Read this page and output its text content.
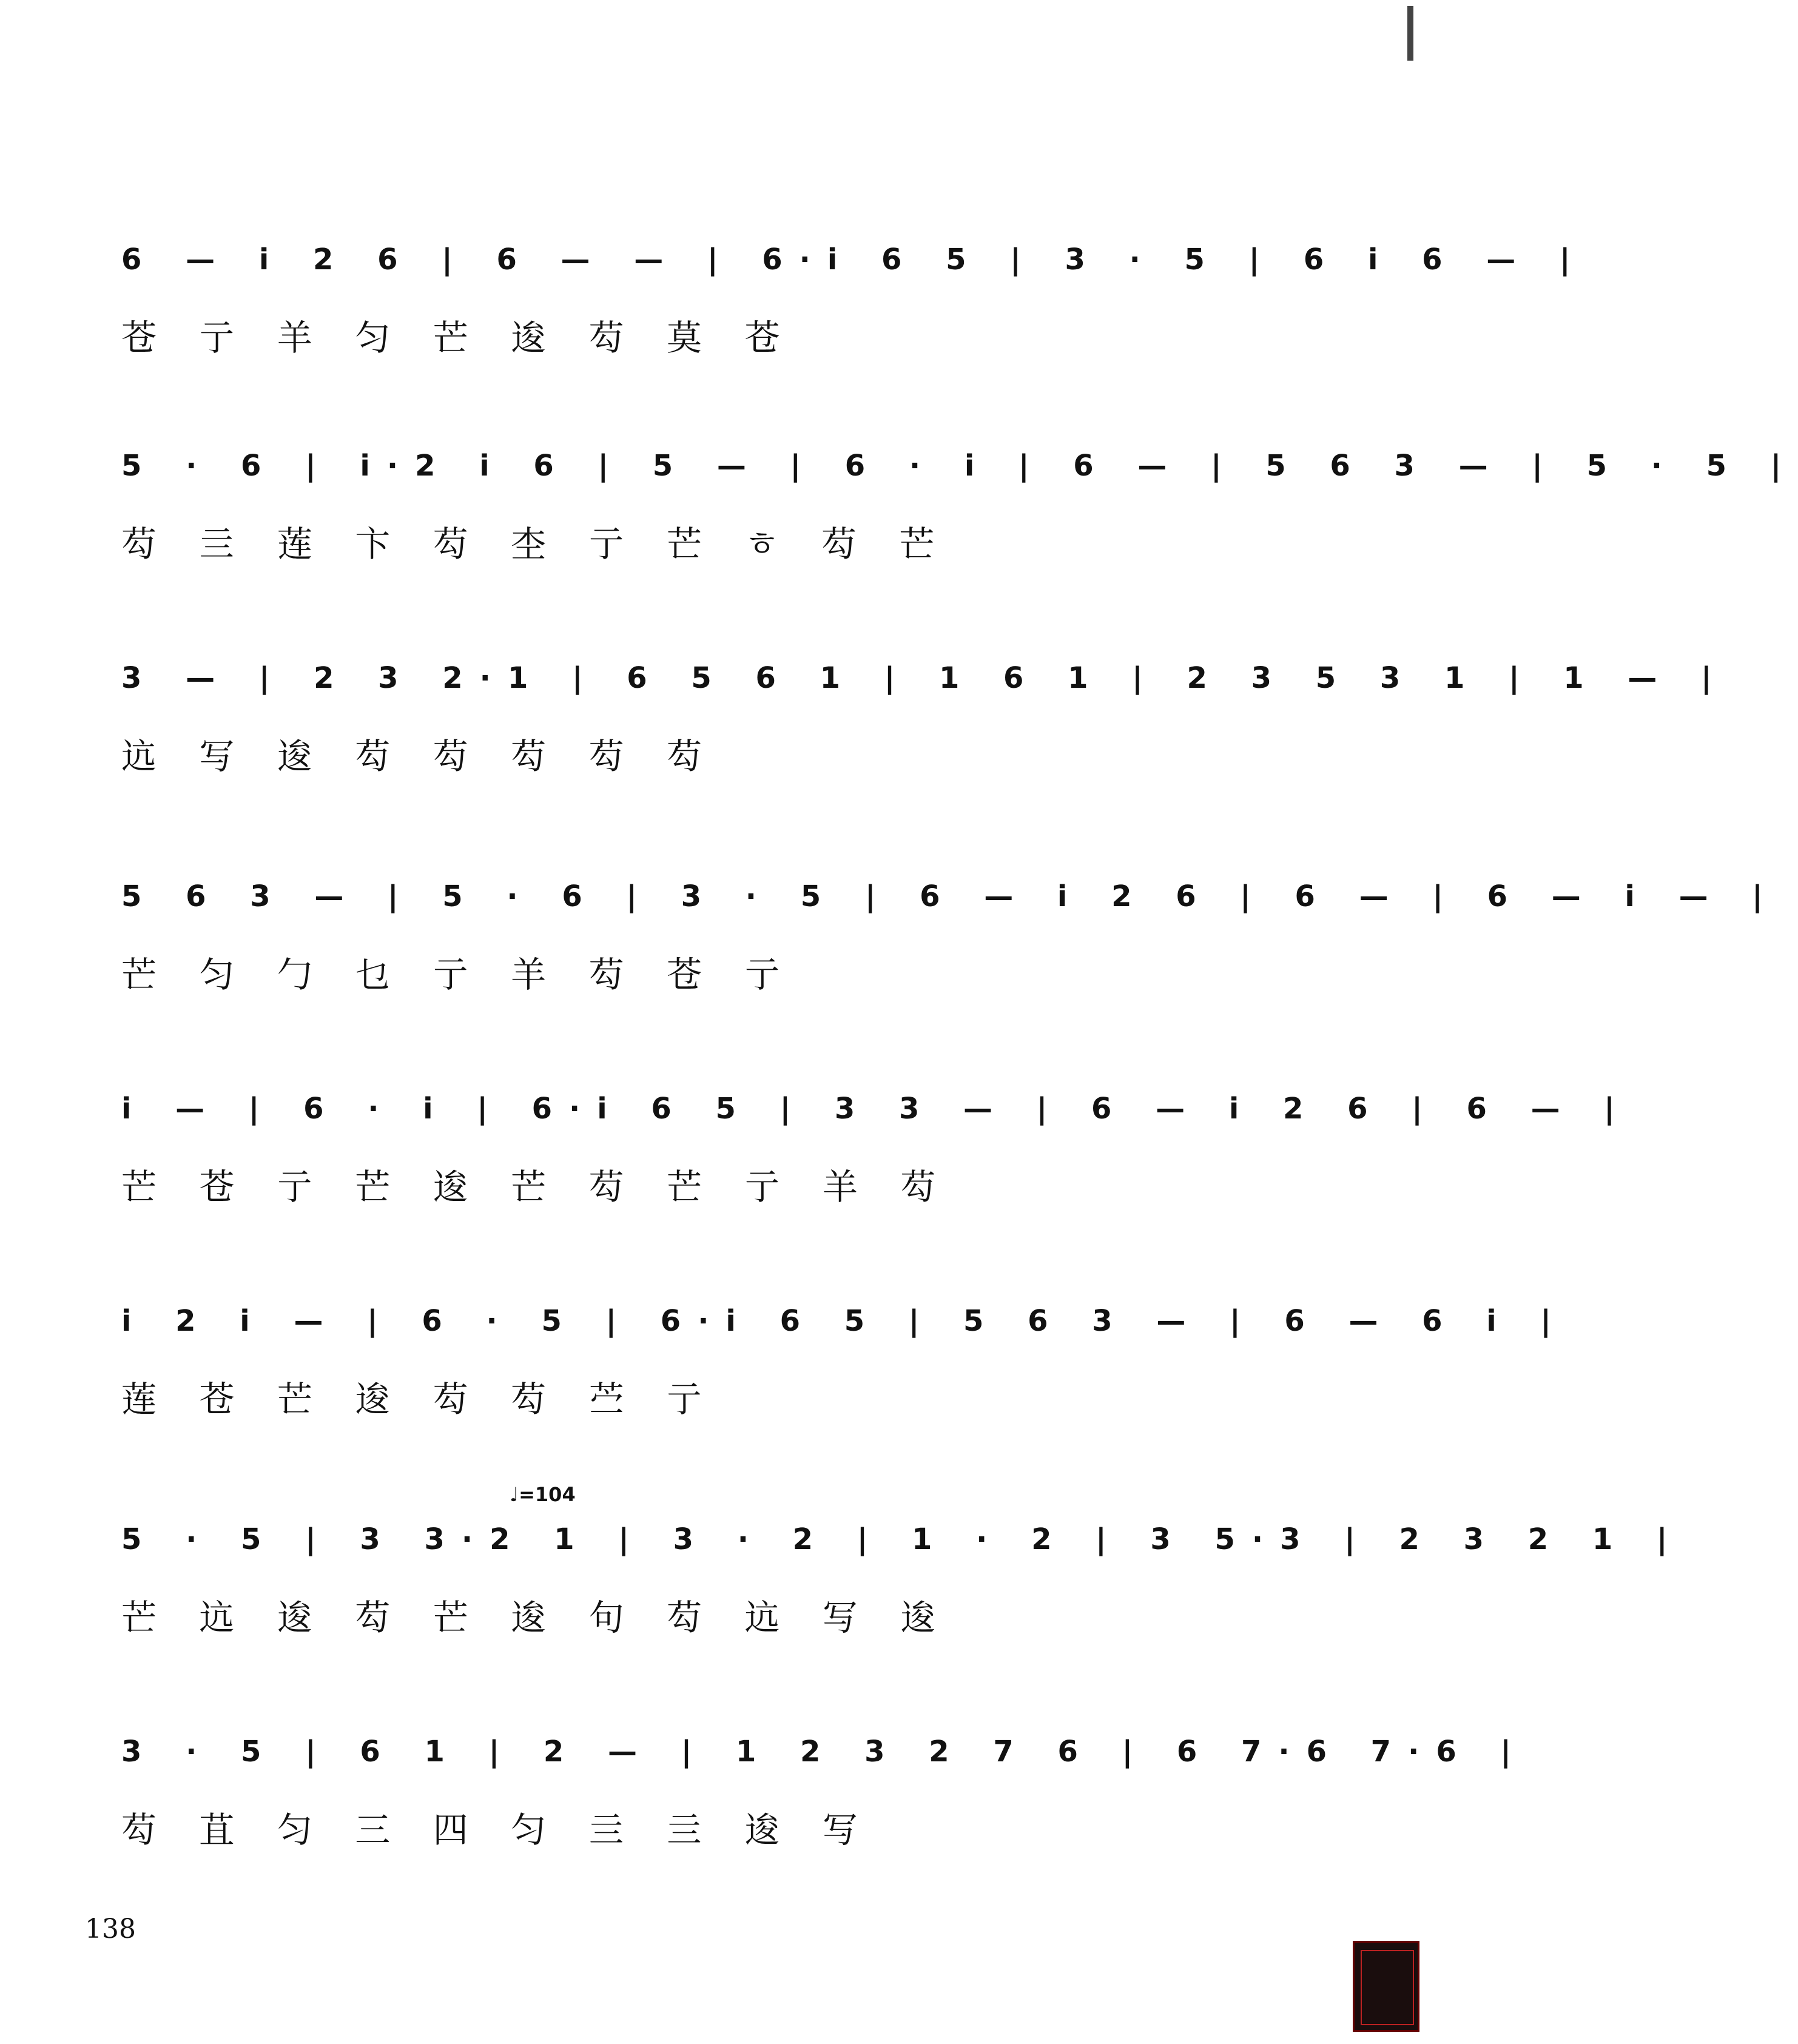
6 — i 2 6 | 6 — — | 6·i 6 5 | 3 · 5 | 6 i 6 — |
苍 亍 羊 匀 芒 逡 芶 莫 苍
5 · 6 | i·2 i 6 | 5 — | 6 · i | 6 — | 5 6 3 — | 5 · 5 |
芶 亖 莲 卞 芶 杢 亍 芒 ㅎ 芶 芒
3 — | 2 3 2·1 | 6 5 6 1 | 1 6 1 | 2 3 5 3 1 | 1 — |
迒 写 逡 芶 芶 芶 芶 芶
5 6 3 — | 5 · 6 | 3 · 5 | 6 — i 2 6 | 6 — | 6 — i — |
芒 匀 勹 乜 亍 羊 芶 苍 亍
i — | 6 · i | 6·i 6 5 | 3 3 — | 6 — i 2 6 | 6 — |
芒 苍 亍 芒 逡 芒 芶 芒 亍 羊 芶
i 2 i — | 6 · 5 | 6·i 6 5 | 5 6 3 — | 6 — 6 i |
莲 苍 芒 逡 芶 芶 苎 亍
♩=104
5 · 5 | 3 3·2 1 | 3 · 2 | 1 · 2 | 3 5·3 | 2 3 2 1 |
芒 迒 逡 芶 芒 逡 句 芶 迒 写 逡
3 · 5 | 6 1 | 2 — | 1 2 3 2 7 6 | 6 7·6 7·6 |
芶 苴 匀 三 四 匀 亖 亖 逡 写
138
